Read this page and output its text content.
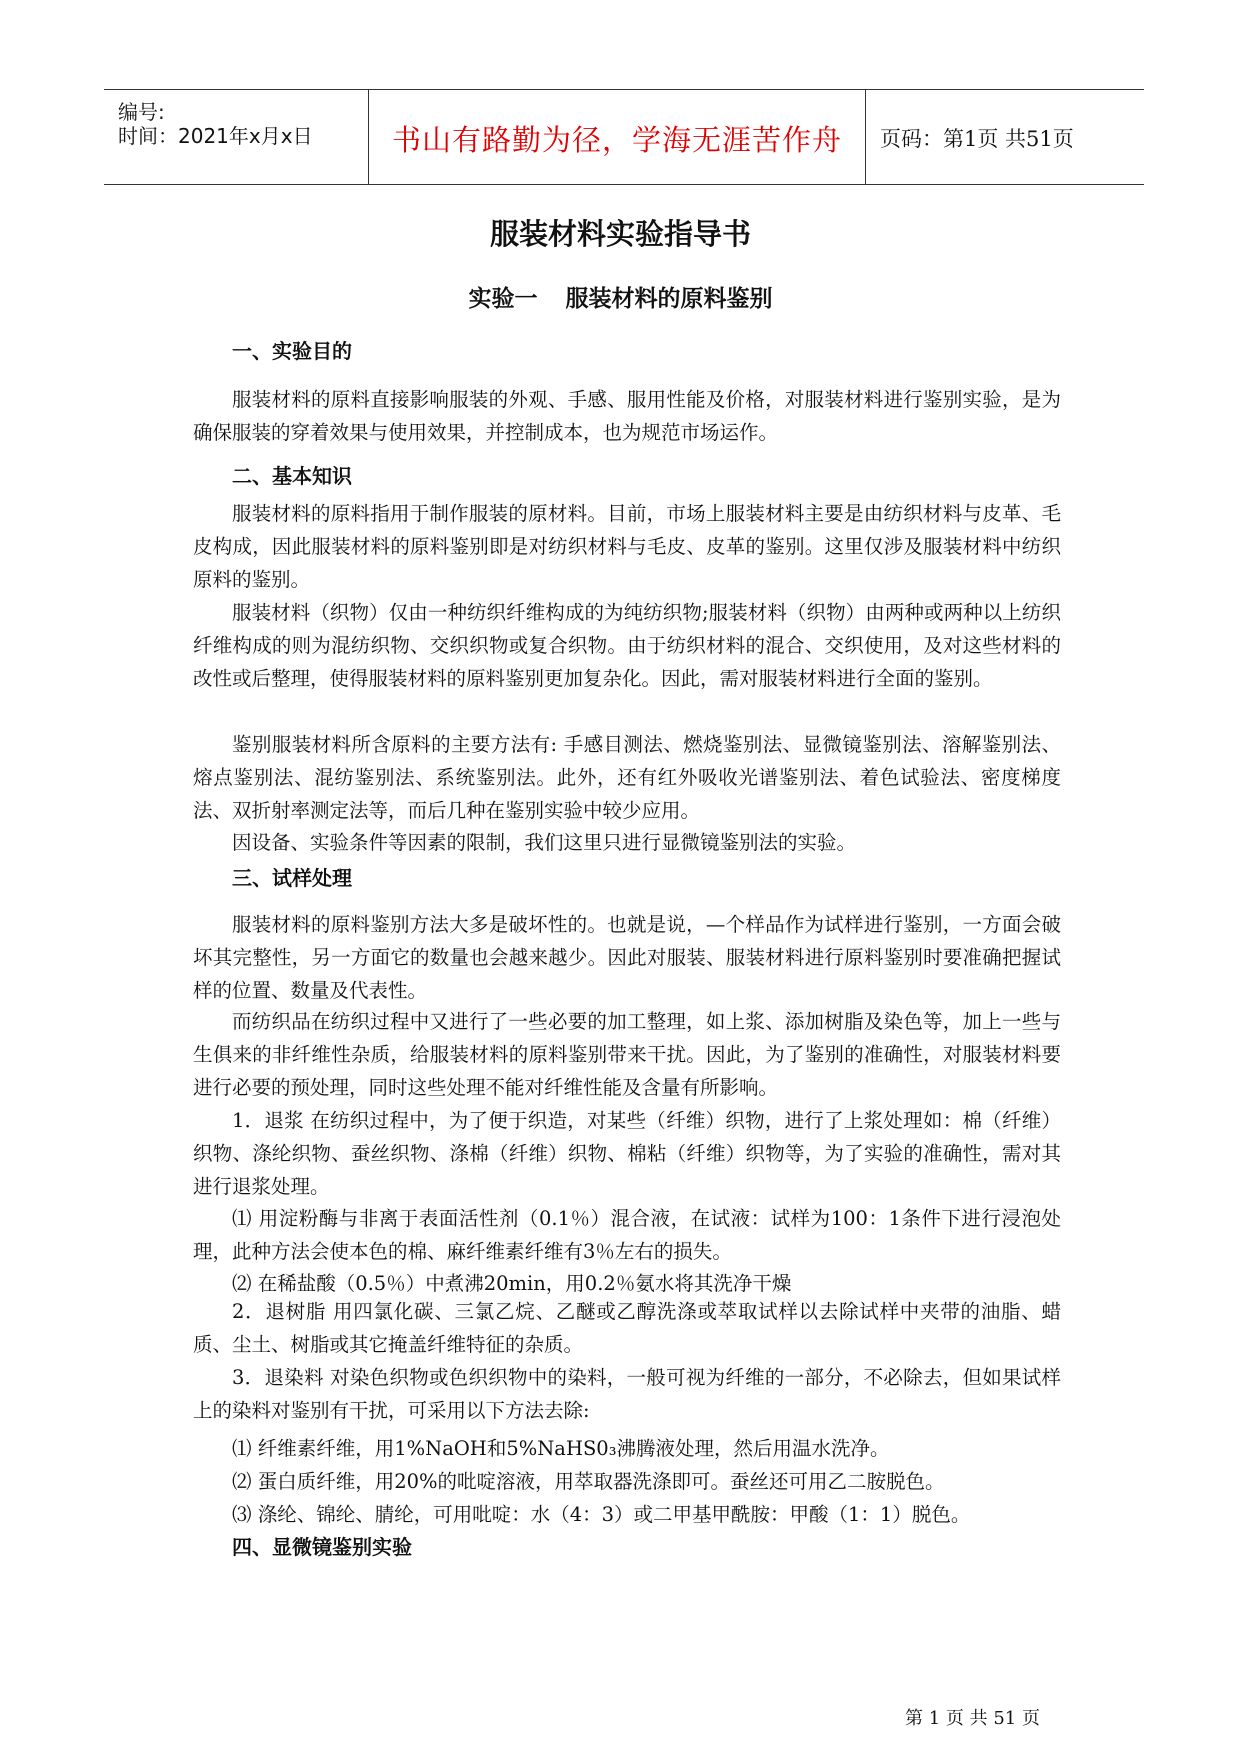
编号:
时间：2021年x月x日	书山有路勤为径，学海无涯苦作舟	页码：第1页 共51页
服装材料实验指导书
实验一 服装材料的原料鉴别
一、实验目的

服装材料的原料直接影响服装的外观、手感、服用性能及价格，对服装材料进行鉴别实验，是为确保服装的穿着效果与使用效果，并控制成本，也为规范市场运作。

二、基本知识

服装材料的原料指用于制作服装的原材料。目前，市场上服装材料主要是由纺织材料与皮革、毛皮构成，因此服装材料的原料鉴别即是对纺织材料与毛皮、皮革的鉴别。这里仅涉及服装材料中纺织原料的鉴别。

服装材料（织物）仅由一种纺织纤维构成的为纯纺织物;服装材料（织物）由两种或两种以上纺织纤维构成的则为混纺织物、交织织物或复合织物。由于纺织材料的混合、交织使用，及对这些材料的改性或后整理，使得服装材料的原料鉴别更加复杂化。因此，需对服装材料进行全面的鉴别。

鉴别服装材料所含原料的主要方法有: 手感目测法、燃烧鉴别法、显微镜鉴别法、溶解鉴别法、熔点鉴别法、混纺鉴别法、系统鉴别法。此外，还有红外吸收光谱鉴别法、着色试验法、密度梯度法、双折射率测定法等，而后几种在鉴别实验中较少应用。

因设备、实验条件等因素的限制，我们这里只进行显微镜鉴别法的实验。

三、试样处理

服装材料的原料鉴别方法大多是破坏性的。也就是说，—个样品作为试样进行鉴别，一方面会破坏其完整性，另一方面它的数量也会越来越少。因此对服装、服装材料进行原料鉴别时要准确把握试样的位置、数量及代表性。

而纺织品在纺织过程中又进行了一些必要的加工整理，如上浆、添加树脂及染色等，加上一些与生俱来的非纤维性杂质，给服装材料的原料鉴别带来干扰。因此，为了鉴别的准确性，对服装材料要进行必要的预处理，同时这些处理不能对纤维性能及含量有所影响。

1．退浆 在纺织过程中，为了便于织造，对某些（纤维）织物，进行了上浆处理如：棉（纤维）织物、涤纶织物、蚕丝织物、涤棉（纤维）织物、棉粘（纤维）织物等，为了实验的准确性，需对其进行退浆处理。

⑴ 用淀粉酶与非离于表面活性剂（0.1％）混合液，在试液：试样为100：1条件下进行浸泡处理，此种方法会使本色的棉、麻纤维素纤维有3％左右的损失。

⑵ 在稀盐酸（0.5％）中煮沸20min，用0.2％氨水将其洗净干燥

2．退树脂 用四氯化碳、三氯乙烷、乙醚或乙醇洗涤或萃取试样以去除试样中夹带的油脂、蜡质、尘土、树脂或其它掩盖纤维特征的杂质。

3．退染料 对染色织物或色织织物中的染料，一般可视为纤维的一部分，不必除去，但如果试样上的染料对鉴别有干扰，可采用以下方法去除:

⑴ 纤维素纤维，用1%NaOH和5%NaHS0₃沸腾液处理，然后用温水洗净。

⑵ 蛋白质纤维，用20%的吡啶溶液，用萃取器洗涤即可。蚕丝还可用乙二胺脱色。

⑶ 涤纶、锦纶、腈纶，可用吡啶：水（4：3）或二甲基甲酰胺：甲酸（1：1）脱色。

四、显微镜鉴别实验
第 1 页 共 51 页
